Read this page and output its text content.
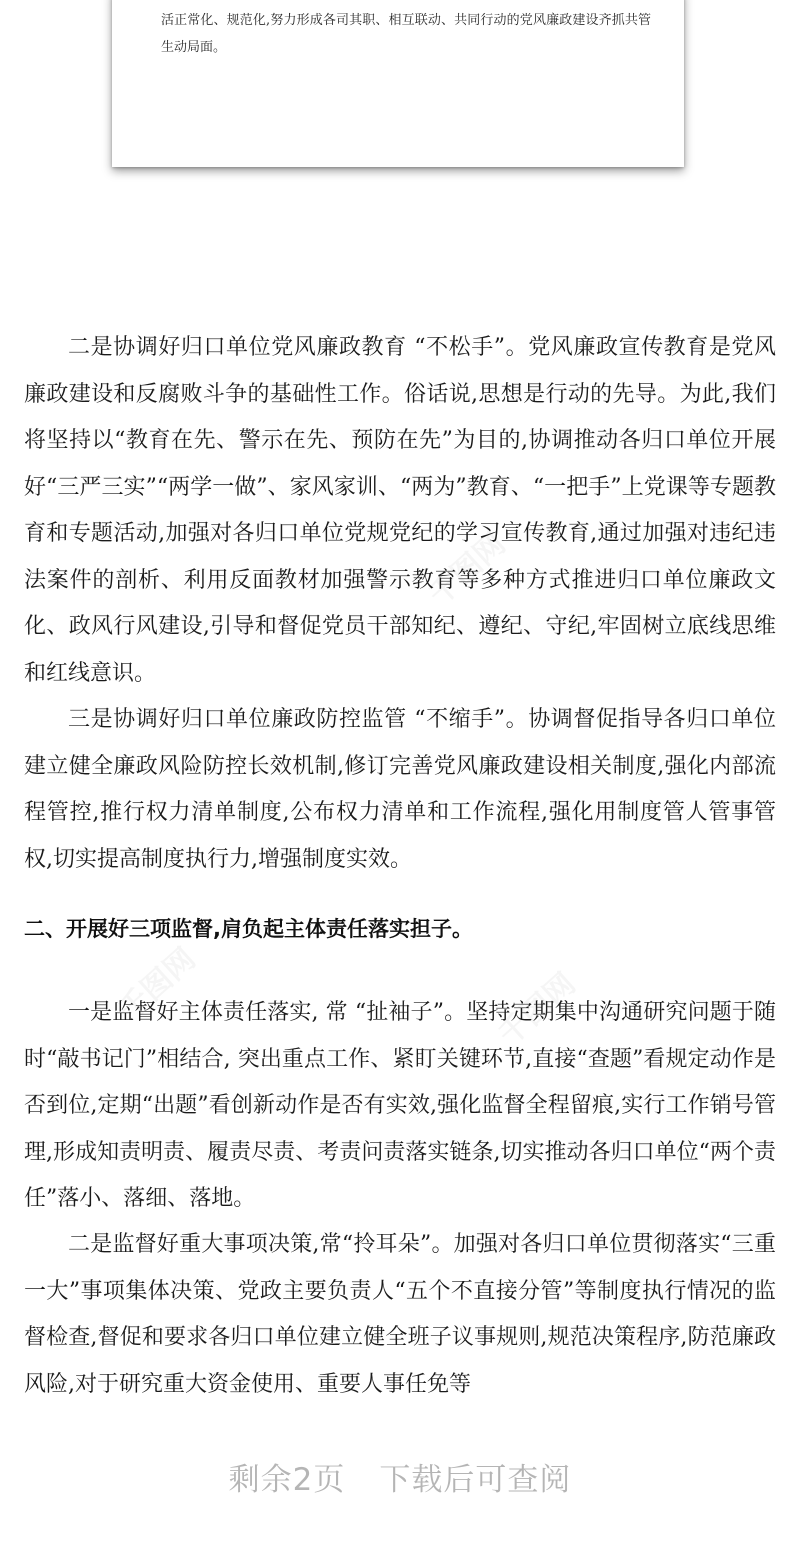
活正常化、规范化,努力形成各司其职、相互联动、共同行动的党风廉政建设齐抓共管生动局面。

千图网
千图网	千图网

二是协调好归口单位党风廉政教育 “不松手”。党风廉政宣传教育是党风廉政建设和反腐败斗争的基础性工作。俗话说,思想是行动的先导。为此,我们将坚持以“教育在先、警示在先、预防在先”为目的,协调推动各归口单位开展好“三严三实”“两学一做”、家风家训、“两为”教育、“一把手”上党课等专题教育和专题活动,加强对各归口单位党规党纪的学习宣传教育,通过加强对违纪违法案件的剖析、利用反面教材加强警示教育等多种方式推进归口单位廉政文化、政风行风建设,引导和督促党员干部知纪、遵纪、守纪,牢固树立底线思维和红线意识。

三是协调好归口单位廉政防控监管 “不缩手”。协调督促指导各归口单位建立健全廉政风险防控长效机制,修订完善党风廉政建设相关制度,强化内部流程管控,推行权力清单制度,公布权力清单和工作流程,强化用制度管人管事管权,切实提高制度执行力,增强制度实效。

二、开展好三项监督,肩负起主体责任落实担子。

一是监督好主体责任落实, 常 “扯袖子”。坚持定期集中沟通研究问题于随时“敲书记门”相结合, 突出重点工作、紧盯关键环节,直接“查题”看规定动作是否到位,定期“出题”看创新动作是否有实效,强化监督全程留痕,实行工作销号管理,形成知责明责、履责尽责、考责问责落实链条,切实推动各归口单位“两个责任”落小、落细、落地。

二是监督好重大事项决策,常“拎耳朵”。加强对各归口单位贯彻落实“三重一大”事项集体决策、党政主要负责人“五个不直接分管”等制度执行情况的监督检查,督促和要求各归口单位建立健全班子议事规则,规范决策程序,防范廉政风险,对于研究重大资金使用、重要人事任免等

剩余2页 下载后可查阅
